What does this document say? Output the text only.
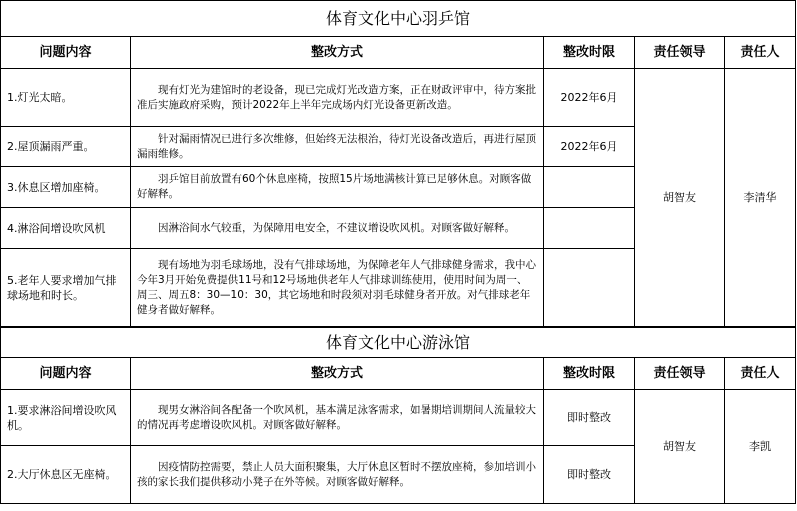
体育文化中心羽乒馆				
问题内容	整改方式	整改时限	责任领导	责任人
1.灯光太暗。	现有灯光为建馆时的老设备，现已完成灯光改造方案，正在财政评审中，待方案批准后实施政府采购，预计2022年上半年完成场内灯光设备更新改造。	2022年6月	胡智友	李清华
2.屋顶漏雨严重。	针对漏雨情况已进行多次维修，但始终无法根治，待灯光设备改造后，再进行屋顶漏雨维修。	2022年6月		
3.休息区增加座椅。	羽乒馆目前放置有60个休息座椅，按照15片场地满核计算已足够休息。对顾客做好解释。			
4.淋浴间增设吹风机	因淋浴间水气较重，为保障用电安全，不建议增设吹风机。对顾客做好解释。			
5.老年人要求增加气排球场地和时长。	现有场地为羽毛球场地，没有气排球场地，为保障老年人气排球健身需求，我中心今年3月开始免费提供11号和12号场地供老年人气排球训练使用，使用时间为周一、周三、周五8：30—10：30，其它场地和时段须对羽毛球健身者开放。对气排球老年健身者做好解释。			
体育文化中心游泳馆				
问题内容	整改方式	整改时限	责任领导	责任人
1.要求淋浴间增设吹风机。	现男女淋浴间各配备一个吹风机，基本满足泳客需求，如暑期培训期间人流量较大的情况再考虑增设吹风机。对顾客做好解释。	即时整改	胡智友	李凯
2.大厅休息区无座椅。	因疫情防控需要，禁止人员大面积聚集，大厅休息区暂时不摆放座椅，参加培训小孩的家长我们提供移动小凳子在外等候。对顾客做好解释。	即时整改		
